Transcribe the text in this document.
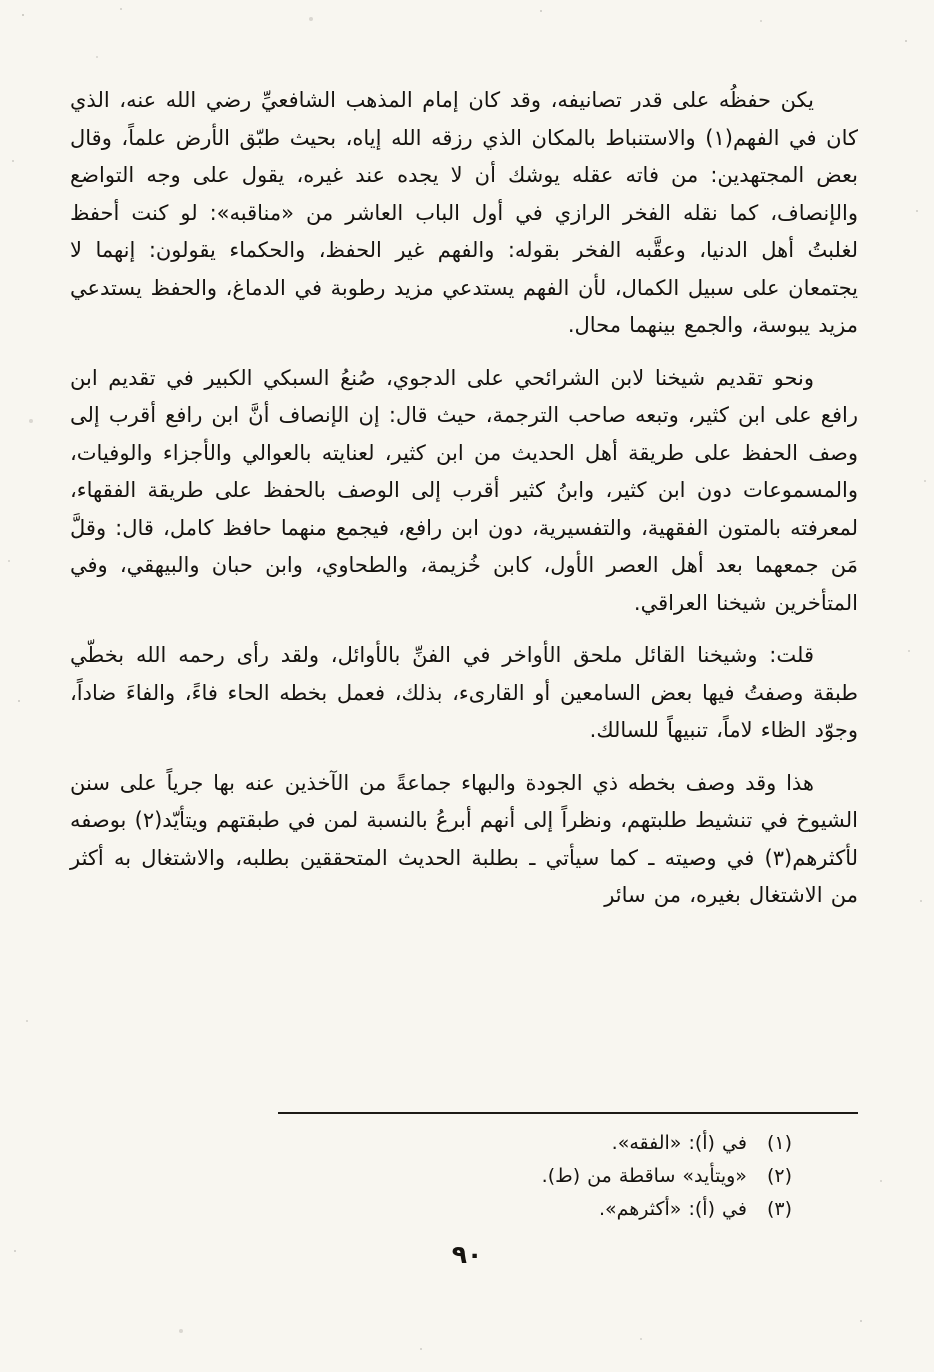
يكن حفظُه على قدر تصانيفه، وقد كان إمام المذهب الشافعيِّ رضي الله عنه، الذي كان في الفهم(١) والاستنباط بالمكان الذي رزقه الله إياه، بحيث طبّق الأرض علماً، وقال بعض المجتهدين: من فاته عقله يوشك أن لا يجده عند غيره، يقول على وجه التواضع والإنصاف، كما نقله الفخر الرازي في أول الباب العاشر من «مناقبه»: لو كنت أحفظ لغلبتُ أهل الدنيا، وعقَّبه الفخر بقوله: والفهم غير الحفظ، والحكماء يقولون: إنهما لا يجتمعان على سبيل الكمال، لأن الفهم يستدعي مزيد رطوبة في الدماغ، والحفظ يستدعي مزيد يبوسة، والجمع بينهما محال.

ونحو تقديم شيخنا لابن الشرائحي على الدجوي، صُنعُ السبكي الكبير في تقديم ابن رافع على ابن كثير، وتبعه صاحب الترجمة، حيث قال: إن الإنصاف أنَّ ابن رافع أقرب إلى وصف الحفظ على طريقة أهل الحديث من ابن كثير، لعنايته بالعوالي والأجزاء والوفيات، والمسموعات دون ابن كثير، وابنُ كثير أقرب إلى الوصف بالحفظ على طريقة الفقهاء، لمعرفته بالمتون الفقهية، والتفسيرية، دون ابن رافع، فيجمع منهما حافظ كامل، قال: وقلَّ مَن جمعهما بعد أهل العصر الأول، كابن خُزيمة، والطحاوي، وابن حبان والبيهقي، وفي المتأخرين شيخنا العراقي.

قلت: وشيخنا القائل ملحق الأواخر في الفنِّ بالأوائل، ولقد رأى رحمه الله بخطّي طبقة وصفتُ فيها بعض السامعين أو القارىء، بذلك، فعمل بخطه الحاء فاءً، والفاءَ ضاداً، وجوّد الظاء لاماً، تنبيهاً للسالك.

هذا وقد وصف بخطه ذي الجودة والبهاء جماعةً من الآخذين عنه بها جرياً على سنن الشيوخ في تنشيط طلبتهم، ونظراً إلى أنهم أبرعُ بالنسبة لمن في طبقتهم ويتأيّد(٢) بوصفه لأكثرهم(٣) في وصيته ـ كما سيأتي ـ بطلبة الحديث المتحققين بطلبه، والاشتغال به أكثر من الاشتغال بغيره، من سائر

(١)في (أ): «الفقه».
(٢)«ويتأيد» ساقطة من (ط).
(٣)في (أ): «أكثرهم».
٩٠
